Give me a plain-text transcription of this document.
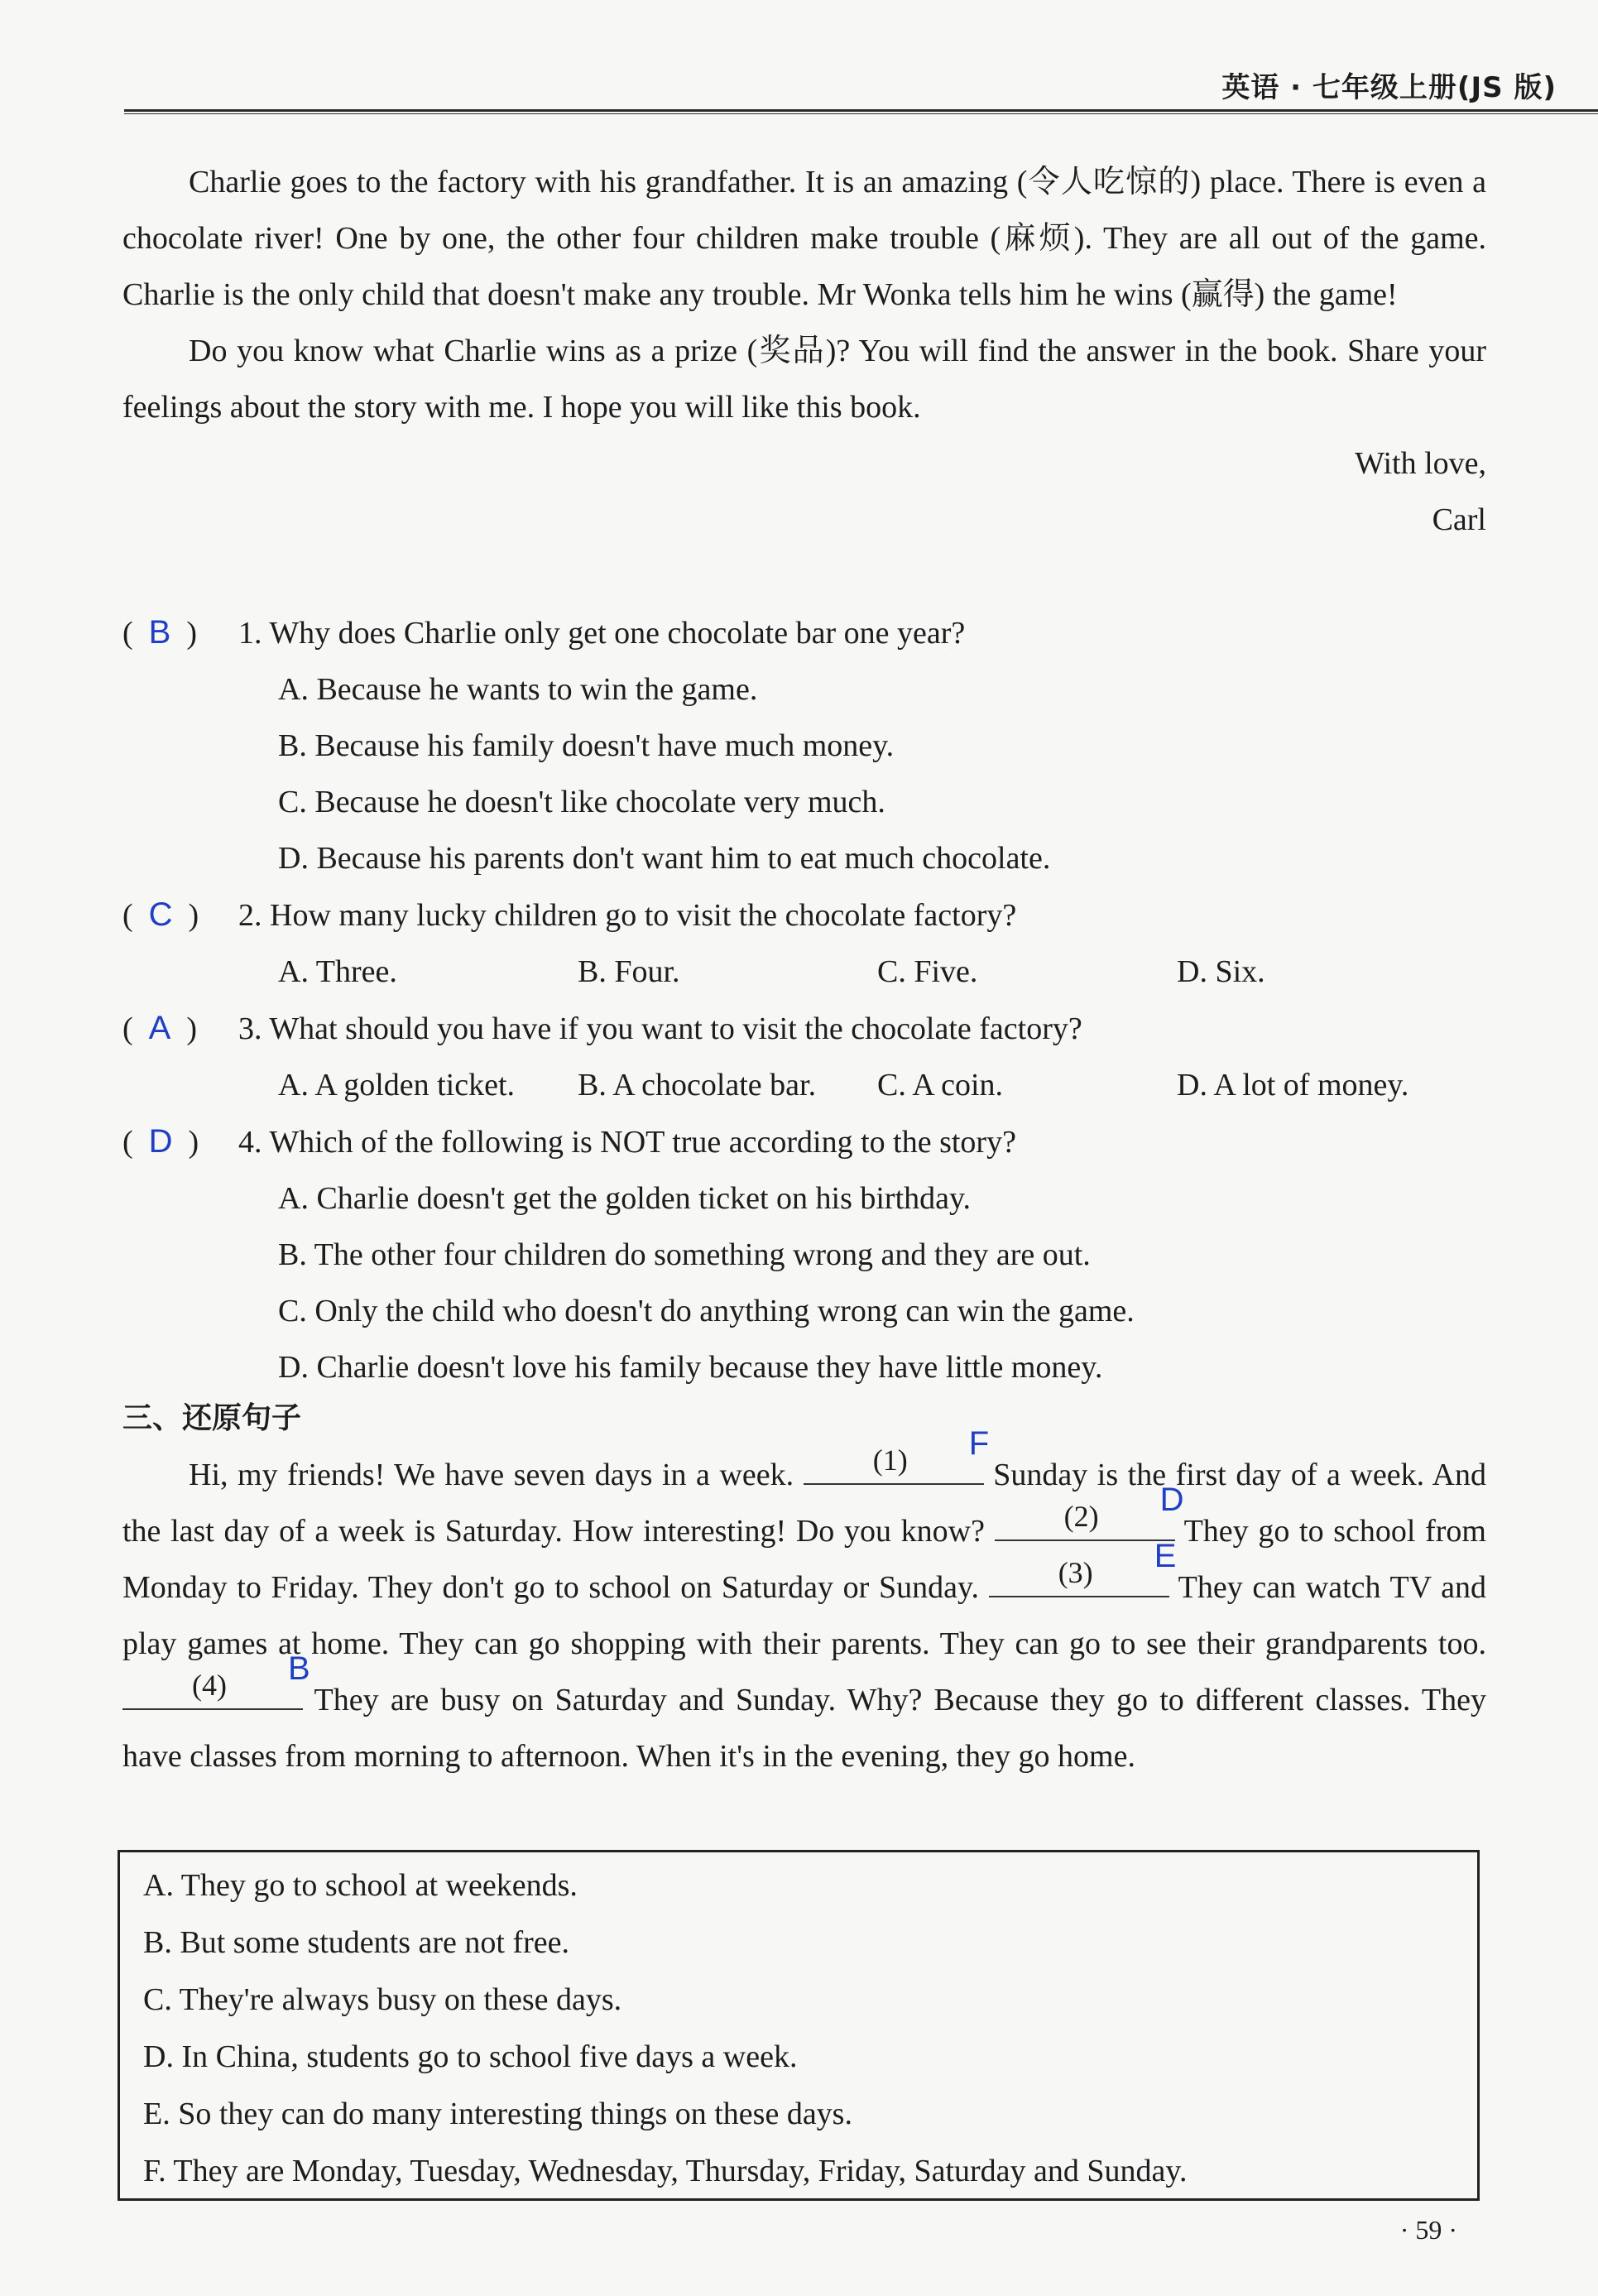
英语 · 七年级上册(JS 版)

Charlie goes to the factory with his grandfather. It is an amazing (令人吃惊的) place. There is even a chocolate river! One by one, the other four children make trouble (麻烦). They are all out of the game. Charlie is the only child that doesn't make any trouble. Mr Wonka tells him he wins (赢得) the game!

Do you know what Charlie wins as a prize (奖品)? You will find the answer in the book. Share your feelings about the story with me. I hope you will like this book.

With love,

Carl

(  B  ) 1. Why does Charlie only get one chocolate bar one year?

A. Because he wants to win the game.

B. Because his family doesn't have much money.

C. Because he doesn't like chocolate very much.

D. Because his parents don't want him to eat much chocolate.

(  C  ) 2. How many lucky children go to visit the chocolate factory?

A. Three.	B. Four.	C. Five.	D. Six.

(  A  ) 3. What should you have if you want to visit the chocolate factory?

A. A golden ticket.	B. A chocolate bar.	C. A coin.	D. A lot of money.

(  D  ) 4. Which of the following is NOT true according to the story?

A. Charlie doesn't get the golden ticket on his birthday.

B. The other four children do something wrong and they are out.

C. Only the child who doesn't do anything wrong can win the game.

D. Charlie doesn't love his family because they have little money.

三、还原句子

Hi, my friends! We have seven days in a week.	(1)	F
Sunday is the first day of a week. And the last day of a week is Saturday. How interesting! Do you know?	(2)	D
They go to school from Monday to Friday. They don't go to school on Saturday or Sunday.	(3)	E
They can watch TV and play games at home. They can go shopping with their parents. They can go to see their grandparents too.
(4)	B
They are busy on Saturday and Sunday. Why? Because they go to different classes. They have classes from morning to afternoon. When it's in the evening, they go home.

A. They go to school at weekends.

B. But some students are not free.

C. They're always busy on these days.

D. In China, students go to school five days a week.

E. So they can do many interesting things on these days.

F. They are Monday, Tuesday, Wednesday, Thursday, Friday, Saturday and Sunday.

· 59 ·
